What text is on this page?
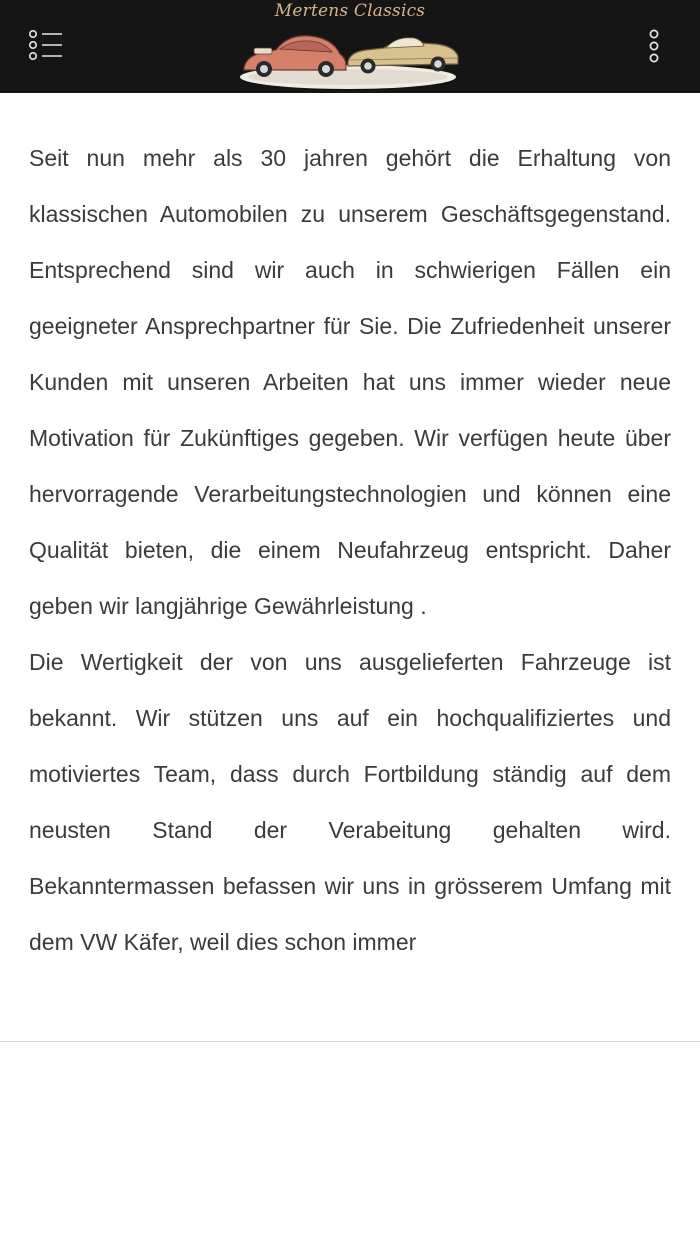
Mertens Classics

Seit nun mehr als 30 jahren gehört die Erhaltung von klassischen Automobilen zu unserem Geschäftsgegenstand. Entsprechend sind wir auch in schwierigen Fällen ein geeigneter Ansprechpartner für Sie. Die Zufriedenheit unserer Kunden mit unseren Arbeiten hat uns immer wieder neue Motivation für Zukünftiges gegeben. Wir verfügen heute über hervorragende Verarbeitungstechnologien und können eine Qualität bieten, die einem Neufahrzeug entspricht. Daher geben wir langjährige Gewährleistung .

Die Wertigkeit der von uns ausgelieferten Fahrzeuge ist bekannt. Wir stützen uns auf ein hochqualifiziertes und motiviertes Team, dass durch Fortbildung ständig auf dem neusten Stand der Verabeitung gehalten wird. Bekanntermassen befassen wir uns in grösserem Umfang mit dem VW Käfer, weil dies schon immer
